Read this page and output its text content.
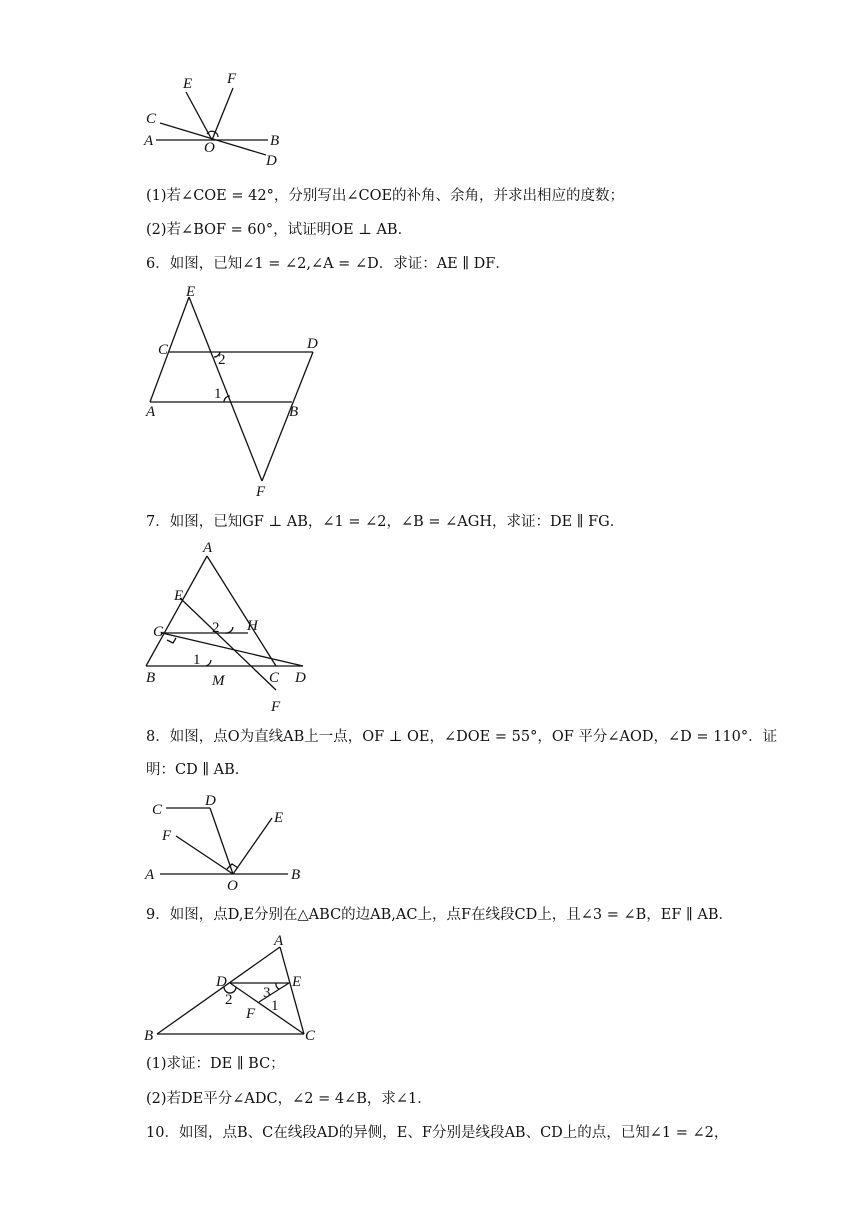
E F
C
A	O	B
D
(1)若∠COE = 42°，分别写出∠COE的补角、余角，并求出相应的度数；
(2)若∠BOF = 60°，试证明OE ⊥ AB．
6．如图，已知∠1 = ∠2,∠A = ∠D．求证：AE ∥ DF．
E
C	D
A	B
F
2
1
7．如图，已知GF ⊥ AB，∠1 = ∠2，∠B = ∠AGH，求证：DE ∥ FG．
A
E
G	H
B	M	C D
F
2
1
8．如图，点O为直线AB上一点，OF ⊥ OE，∠DOE = 55°，OF 平分∠AOD，∠D = 110°．证
明：CD ∥ AB．
C
D
E
F
A
O
B
9．如图，点D,E分别在△ABC的边AB,AC上，点F在线段CD上，且∠3 = ∠B，EF ∥ AB．
A
D	E
B	C
F
2 3
1
(1)求证：DE ∥ BC；
(2)若DE平分∠ADC，∠2 = 4∠B，求∠1．
10．如图，点B、C在线段AD的异侧，E、F分别是线段AB、CD上的点，已知∠1 = ∠2，
